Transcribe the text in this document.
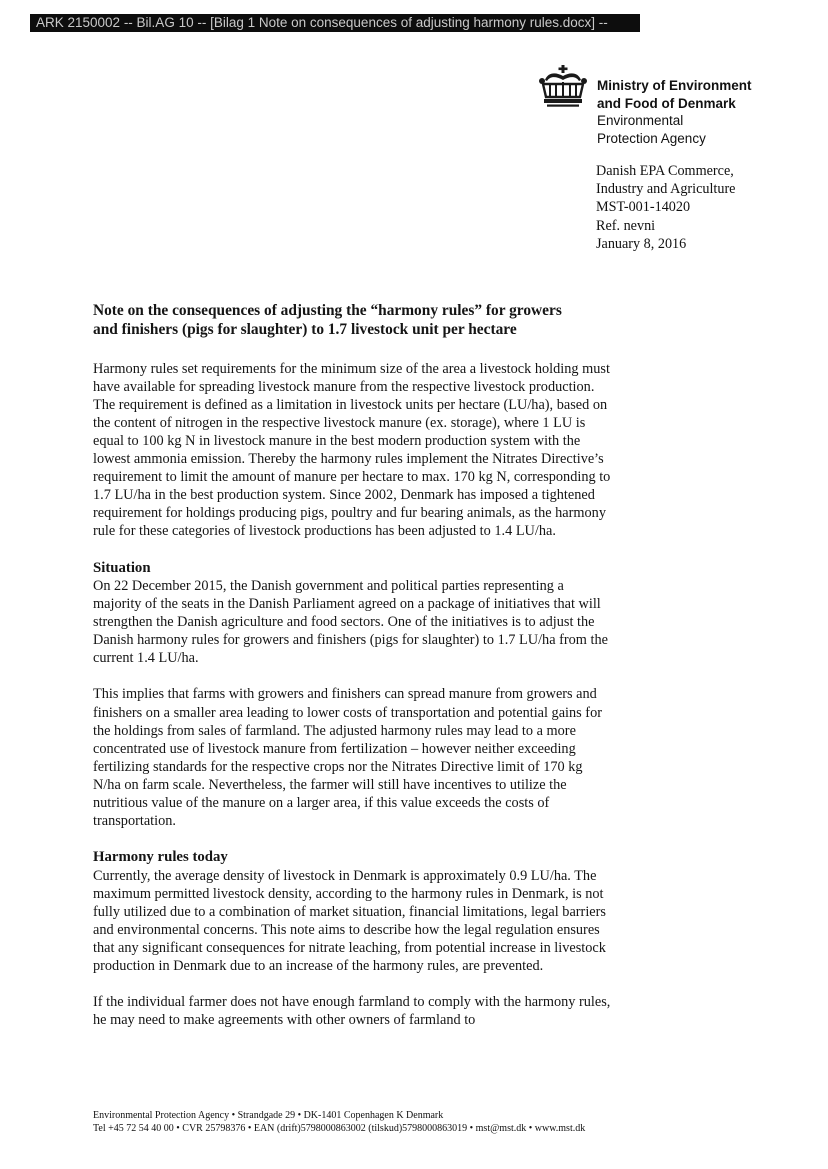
ARK 2150002 -- Bil.AG 10 -- [Bilag 1 Note on consequences of adjusting harmony rules.docx] --
Ministry of Environment
and Food of Denmark
Environmental
Protection Agency
Danish EPA Commerce,
Industry and Agriculture
MST-001-14020
Ref. nevni
January 8, 2016
Note on the consequences of adjusting the “harmony rules” for growers and finishers (pigs for slaughter) to 1.7 livestock unit per hectare

Harmony rules set requirements for the minimum size of the area a livestock holding must have available for spreading livestock manure from the respective livestock production. The requirement is defined as a limitation in livestock units per hectare (LU/ha), based on the content of nitrogen in the respective livestock manure (ex. storage), where 1 LU is equal to 100 kg N in livestock manure in the best modern production system with the lowest ammonia emission. Thereby the harmony rules implement the Nitrates Directive’s requirement to limit the amount of manure per hectare to max. 170 kg N, corresponding to 1.7 LU/ha in the best production system. Since 2002, Denmark has imposed a tightened requirement for holdings producing pigs, poultry and fur bearing animals, as the harmony rule for these categories of livestock productions has been adjusted to 1.4 LU/ha.

Situation

On 22 December 2015, the Danish government and political parties representing a majority of the seats in the Danish Parliament agreed on a package of initiatives that will strengthen the Danish agriculture and food sectors. One of the initiatives is to adjust the Danish harmony rules for growers and finishers (pigs for slaughter) to 1.7 LU/ha from the current 1.4 LU/ha.

This implies that farms with growers and finishers can spread manure from growers and finishers on a smaller area leading to lower costs of transportation and potential gains for the holdings from sales of farmland. The adjusted harmony rules may lead to a more concentrated use of livestock manure from fertilization – however neither exceeding fertilizing standards for the respective crops nor the Nitrates Directive limit of 170 kg N/ha on farm scale. Nevertheless, the farmer will still have incentives to utilize the nutritious value of the manure on a larger area, if this value exceeds the costs of transportation.

Harmony rules today

Currently, the average density of livestock in Denmark is approximately 0.9 LU/ha. The maximum permitted livestock density, according to the harmony rules in Denmark, is not fully utilized due to a combination of market situation, financial limitations, legal barriers and environmental concerns. This note aims to describe how the legal regulation ensures that any significant consequences for nitrate leaching, from potential increase in livestock production in Denmark due to an increase of the harmony rules, are prevented.

If the individual farmer does not have enough farmland to comply with the harmony rules, he may need to make agreements with other owners of farmland to

Environmental Protection Agency • Strandgade 29 • DK-1401 Copenhagen K Denmark
Tel +45 72 54 40 00 • CVR 25798376 • EAN (drift)5798000863002 (tilskud)5798000863019 • mst@mst.dk • www.mst.dk
